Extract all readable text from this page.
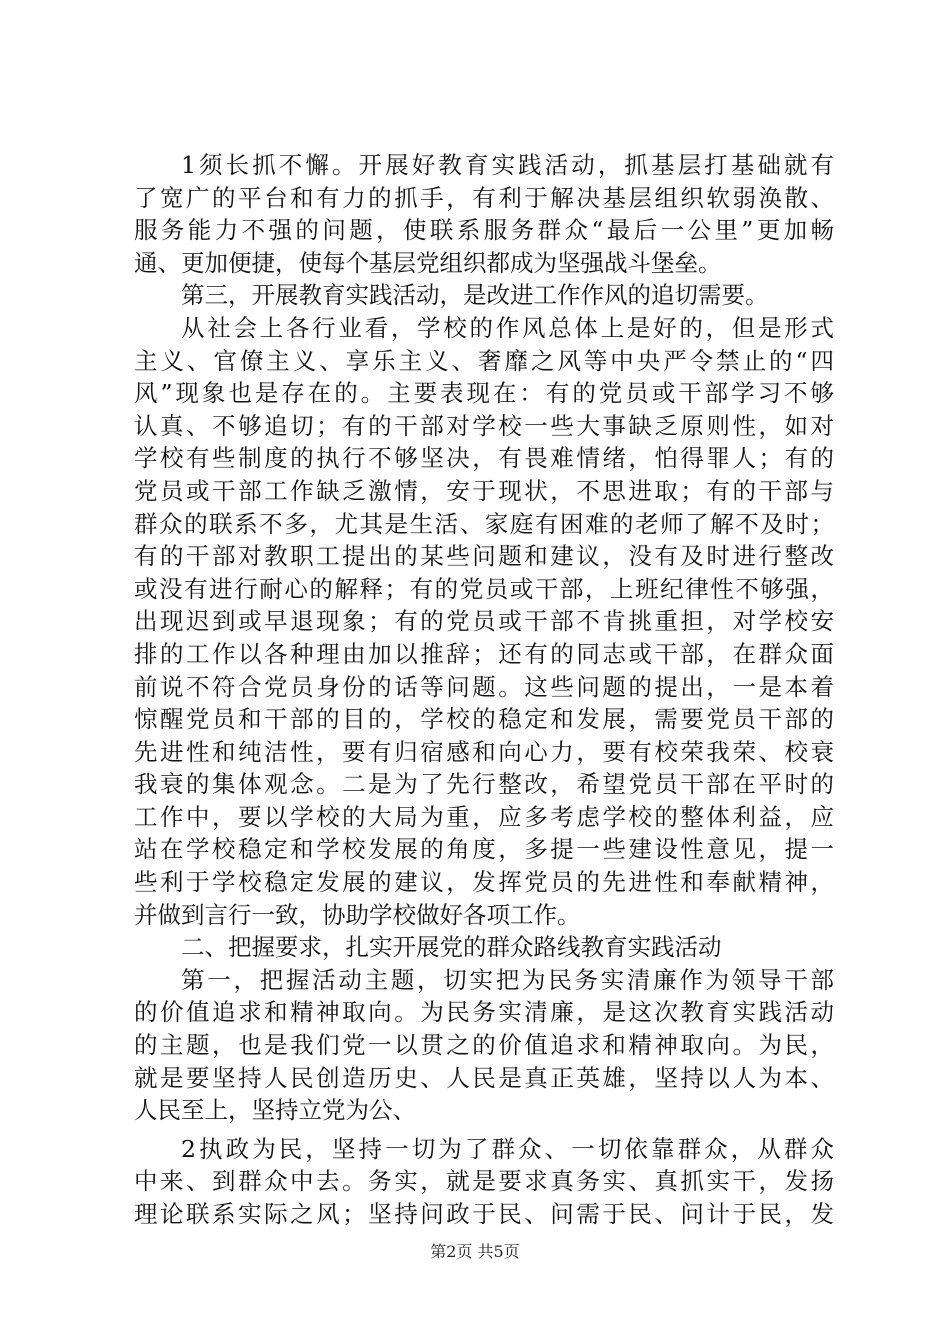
1须长抓不懈。开展好教育实践活动，抓基层打基础就有
了宽广的平台和有力的抓手，有利于解决基层组织软弱涣散、
服务能力不强的问题，使联系服务群众“最后一公里”更加畅
通、更加便捷，使每个基层党组织都成为坚强战斗堡垒。
第三，开展教育实践活动，是改进工作作风的追切需要。
从社会上各行业看，学校的作风总体上是好的，但是形式
主义、官僚主义、享乐主义、奢靡之风等中央严令禁止的“四
风”现象也是存在的。主要表现在：有的党员或干部学习不够
认真、不够追切；有的干部对学校一些大事缺乏原则性，如对
学校有些制度的执行不够坚决，有畏难情绪，怕得罪人；有的
党员或干部工作缺乏激情，安于现状，不思进取；有的干部与
群众的联系不多，尤其是生活、家庭有困难的老师了解不及时；
有的干部对教职工提出的某些问题和建议，没有及时进行整改
或没有进行耐心的解释；有的党员或干部，上班纪律性不够强，
出现迟到或早退现象；有的党员或干部不肯挑重担，对学校安
排的工作以各种理由加以推辞；还有的同志或干部，在群众面
前说不符合党员身份的话等问题。这些问题的提出，一是本着
惊醒党员和干部的目的，学校的稳定和发展，需要党员干部的
先进性和纯洁性，要有归宿感和向心力，要有校荣我荣、校衰
我衰的集体观念。二是为了先行整改，希望党员干部在平时的
工作中，要以学校的大局为重，应多考虑学校的整体利益，应
站在学校稳定和学校发展的角度，多提一些建设性意见，提一
些利于学校稳定发展的建议，发挥党员的先进性和奉献精神，
并做到言行一致，协助学校做好各项工作。
二、把握要求，扎实开展党的群众路线教育实践活动
第一，把握活动主题，切实把为民务实清廉作为领导干部
的价值追求和精神取向。为民务实清廉，是这次教育实践活动
的主题，也是我们党一以贯之的价值追求和精神取向。为民，
就是要坚持人民创造历史、人民是真正英雄，坚持以人为本、
人民至上，坚持立党为公、
2执政为民，坚持一切为了群众、一切依靠群众，从群众
中来、到群众中去。务实，就是要求真务实、真抓实干，发扬
理论联系实际之风；坚持问政于民、问需于民、问计于民，发
第2页 共5页
